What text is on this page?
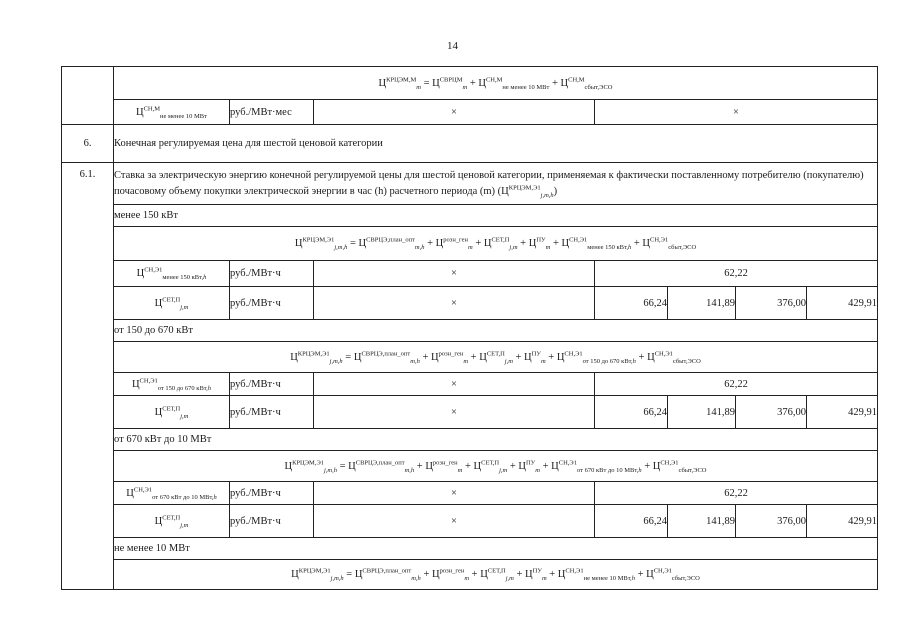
14
	$Ц^{КРЦЭМ,М}_m = Ц^{СВРЦМ}_m + Ц^{СН,М}_{не менее 10 МВт} + Ц^{СН,М}_{сбыт,ЭСО}$
	$Ц^{СН,М}_{не менее 10 МВт}$	руб./МВт·мес	×	×			
6.	Конечная регулируемая цена для шестой ценовой категории						
6.1.	Ставка за электрическую энергию конечной регулируемой цены для шестой ценовой категории, применяемая к фактически поставленному потребителю (покупателю) почасовому объему покупки электрической энергии в час (h) расчетного периода (m) $(Ц^{КРЦЭМ,Э1}_{j,m,h})$						
	менее 150 кВт						
	$Ц^{КРЦЭМ,Э1}_{j,m,h} = Ц^{СВРЦЭ,план\_опт}_{m,h} + Ц^{розн\_ген}_m + Ц^{СЕТ,П}_{j,m} + Ц^{ПУ}_m + Ц^{СН,Э1}_{менее 150 кВт,h} + Ц^{СН,Э1}_{сбыт,ЭСО}$
	$Ц^{СН,Э1}_{менее 150 кВт,h}$	руб./МВт·ч	×	62,22			
	$Ц^{СЕТ,П}_{j,m}$	руб./МВт·ч	×	66,24	141,89	376,00	429,91
	от 150 до 670 кВт						
	$Ц^{КРЦЭМ,Э1}_{j,m,h} = Ц^{СВРЦЭ,план\_опт}_{m,h} + Ц^{розн\_ген}_m + Ц^{СЕТ,П}_{j,m} + Ц^{ПУ}_m + Ц^{СН,Э1}_{от 150 до 670 кВт,h} + Ц^{СН,Э1}_{сбыт,ЭСО}$
	$Ц^{СН,Э1}_{от 150 до 670 кВт,h}$	руб./МВт·ч	×	62,22			
	$Ц^{СЕТ,П}_{j,m}$	руб./МВт·ч	×	66,24	141,89	376,00	429,91
	от 670 кВт до 10 МВт						
	$Ц^{КРЦЭМ,Э1}_{j,m,h} = Ц^{СВРЦЭ,план\_опт}_{m,h} + Ц^{розн\_ген}_m + Ц^{СЕТ,П}_{j,m} + Ц^{ПУ}_m + Ц^{СН,Э1}_{от 670 кВт до 10 МВт,h} + Ц^{СН,Э1}_{сбыт,ЭСО}$
	$Ц^{СН,Э1}_{от 670 кВт до 10 МВт,h}$	руб./МВт·ч	×	62,22			
	$Ц^{СЕТ,П}_{j,m}$	руб./МВт·ч	×	66,24	141,89	376,00	429,91
	не менее 10 МВт						
	$Ц^{КРЦЭМ,Э1}_{j,m,h} = Ц^{СВРЦЭ,план\_опт}_{m,h} + Ц^{розн\_ген}_m + Ц^{СЕТ,П}_{j,m} + Ц^{ПУ}_m + Ц^{СН,Э1}_{не менее 10 МВт,h} + Ц^{СН,Э1}_{сбыт,ЭСО}$
